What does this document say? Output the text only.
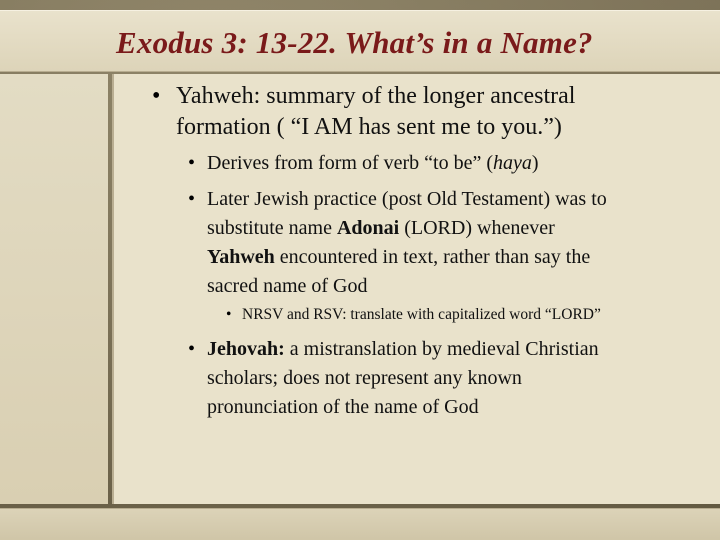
Exodus 3: 13-22. What’s in a Name?
• Yahweh: summary of the longer ancestral
formation ( “I AM has sent me to you.”)
• Derives from form of verb “to be” (haya)
• Later Jewish practice (post Old Testament) was to
substitute name Adonai (LORD) whenever
Yahweh encountered in text, rather than say the
sacred name of God
• NRSV and RSV: translate with capitalized word “LORD”
• Jehovah: a mistranslation by medieval Christian
scholars; does not represent any known
pronunciation of the name of God
